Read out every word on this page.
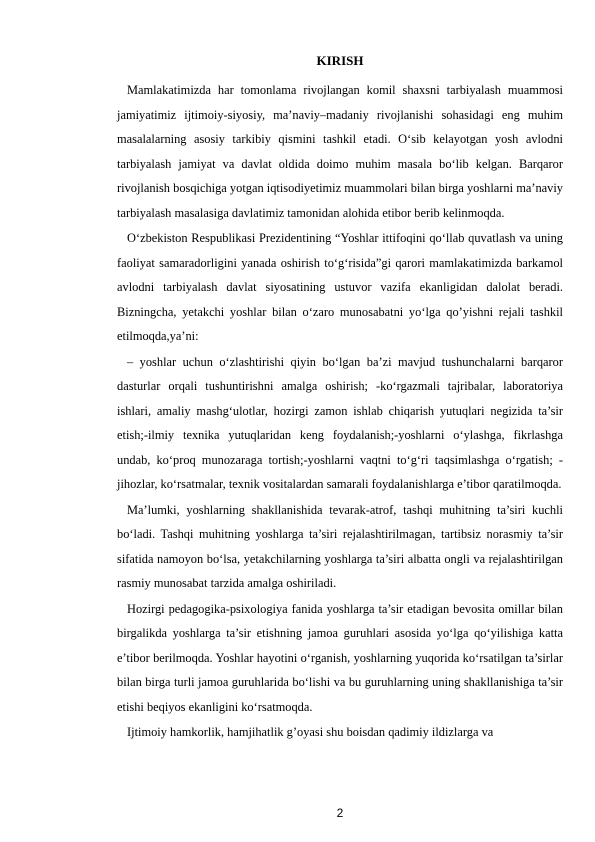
KIRISH

Mamlakatimizda har tomonlama rivojlangan komil shaxsni tarbiyalash muammosi jamiyatimiz ijtimoiy-siyosiy, ma’naviy–madaniy rivojlanishi sohasidagi eng muhim masalalarning asosiy tarkibiy qismini tashkil etadi. O‘sib kelayotgan yosh avlodni tarbiyalash jamiyat va davlat oldida doimo muhim masala bo‘lib kelgan. Barqaror rivojlanish bosqichiga yotgan iqtisodiyetimiz muammolari bilan birga yoshlarni ma’naviy tarbiyalash masalasiga davlatimiz tamonidan alohida etibor berib kelinmoqda.

O‘zbekiston Respublikasi Prezidentining “Yoshlar ittifoqini qo‘llab quvatlash va uning faoliyat samaradorligini yanada oshirish to‘g‘risida”gi qarori mamlakatimizda barkamol avlodni tarbiyalash davlat siyosatining ustuvor vazifa ekanligidan dalolat beradi. Bizningcha, yetakchi yoshlar bilan o‘zaro munosabatni yo‘lga qo’yishni rejali tashkil etilmoqda,ya’ni:

‒ yoshlar uchun o‘zlashtirishi qiyin bo‘lgan ba’zi mavjud tushunchalarni barqaror dasturlar orqali tushuntirishni amalga oshirish; -ko‘rgazmali tajribalar, laboratoriya ishlari, amaliy mashg‘ulotlar, hozirgi zamon ishlab chiqarish yutuqlari negizida ta’sir etish;-ilmiy texnika yutuqlaridan keng foydalanish;-yoshlarni o‘ylashga, fikrlashga undab, ko‘proq munozaraga tortish;-yoshlarni vaqtni to‘g‘ri taqsimlashga o‘rgatish; -jihozlar, ko‘rsatmalar, texnik vositalardan samarali foydalanishlarga e’tibor qaratilmoqda.

Ma’lumki, yoshlarning shakllanishida tevarak-atrof, tashqi muhitning ta’siri kuchli bo‘ladi. Tashqi muhitning yoshlarga ta’siri rejalashtirilmagan, tartibsiz norasmiy ta’sir sifatida namoyon bo‘lsa, yetakchilarning yoshlarga ta’siri albatta ongli va rejalashtirilgan rasmiy munosabat tarzida amalga oshiriladi.

Hozirgi pedagogika-psixologiya fanida yoshlarga ta’sir etadigan bevosita omillar bilan birgalikda yoshlarga ta’sir etishning jamoa guruhlari asosida yo‘lga qo‘yilishiga katta e’tibor berilmoqda. Yoshlar hayotini o‘rganish, yoshlarning yuqorida ko‘rsatilgan ta’sirlar bilan birga turli jamoa guruhlarida bo‘lishi va bu guruhlarning uning shakllanishiga ta’sir etishi beqiyos ekanligini ko‘rsatmoqda.

Ijtimoiy hamkorlik, hamjihatlik g’oyasi shu boisdan qadimiy ildizlarga va

2
